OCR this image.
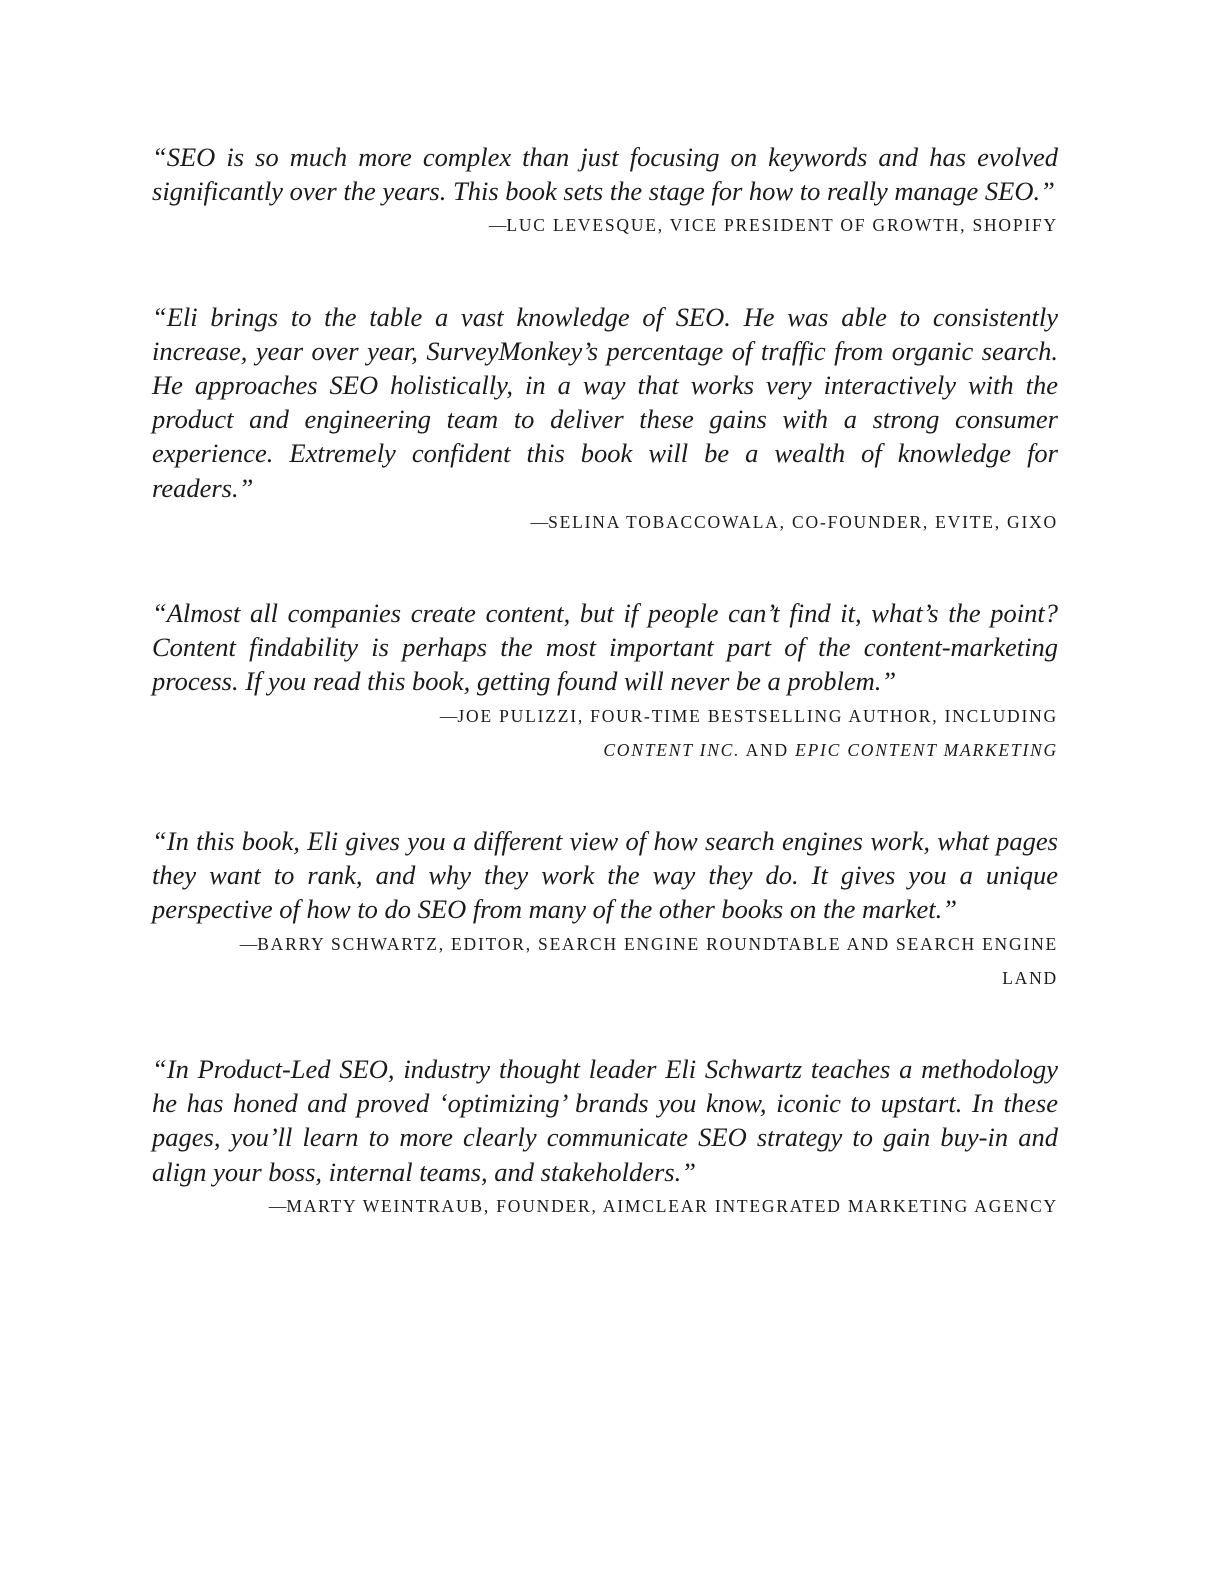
“SEO is so much more complex than just focusing on keywords and has evolved significantly over the years. This book sets the stage for how to really manage SEO.”

—LUC LEVESQUE, VICE PRESIDENT OF GROWTH, SHOPIFY

“Eli brings to the table a vast knowledge of SEO. He was able to consistently increase, year over year, SurveyMonkey’s percentage of traffic from organic search. He approaches SEO holistically, in a way that works very interactively with the product and engineering team to deliver these gains with a strong consumer experience. Extremely confident this book will be a wealth of knowledge for readers.”

—SELINA TOBACCOWALA, CO-FOUNDER, EVITE, GIXO

“Almost all companies create content, but if people can’t find it, what’s the point? Content findability is perhaps the most important part of the content-marketing process. If you read this book, getting found will never be a problem.”

—JOE PULIZZI, FOUR-TIME BESTSELLING AUTHOR, INCLUDING
CONTENT INC. AND EPIC CONTENT MARKETING

“In this book, Eli gives you a different view of how search engines work, what pages they want to rank, and why they work the way they do. It gives you a unique perspective of how to do SEO from many of the other books on the market.”

—BARRY SCHWARTZ, EDITOR, SEARCH ENGINE ROUNDTABLE AND SEARCH ENGINE LAND

“In Product-Led SEO, industry thought leader Eli Schwartz teaches a methodology he has honed and proved ‘optimizing’ brands you know, iconic to upstart. In these pages, you’ll learn to more clearly communicate SEO strategy to gain buy-in and align your boss, internal teams, and stakeholders.”

—MARTY WEINTRAUB, FOUNDER, AIMCLEAR INTEGRATED MARKETING AGENCY
